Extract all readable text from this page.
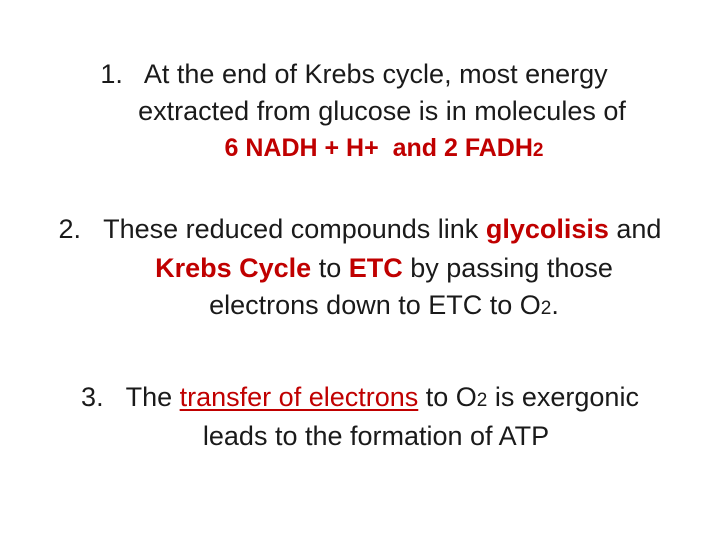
1. At the end of Krebs cycle, most energy
extracted from glucose is in molecules of
6 NADH + H+  and 2 FADH2
2. These reduced compounds link glycolisis and
Krebs Cycle to ETC by passing those
electrons down to ETC to O2.
3. The transfer of electrons to O2 is exergonic
leads to the formation of ATP
